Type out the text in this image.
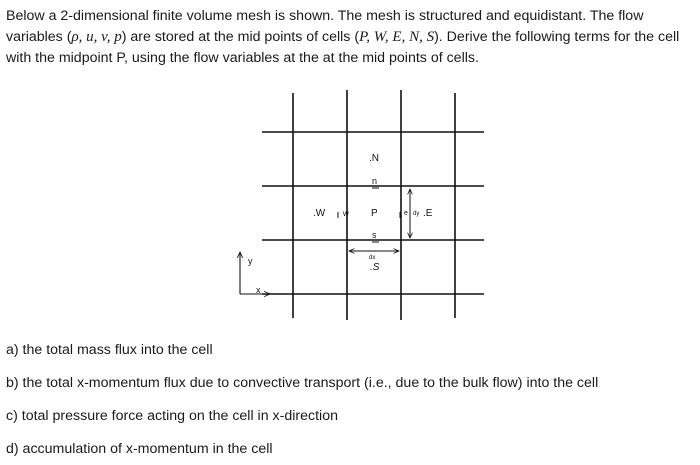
Below a 2-dimensional finite volume mesh is shown. The mesh is structured and equidistant. The flow variables (ρ, u, v, p) are stored at the mid points of cells (P, W, E, N, S). Derive the following terms for the cell with the midpoint P, using the flow variables at the at the mid points of cells.

.N
.W	P	.E
.S
n
w	e
s
dy
dx
y
x

a) the total mass flux into the cell

b) the total x-momentum flux due to convective transport (i.e., due to the bulk flow) into the cell

c) total pressure force acting on the cell in x-direction

d) accumulation of x-momentum in the cell
